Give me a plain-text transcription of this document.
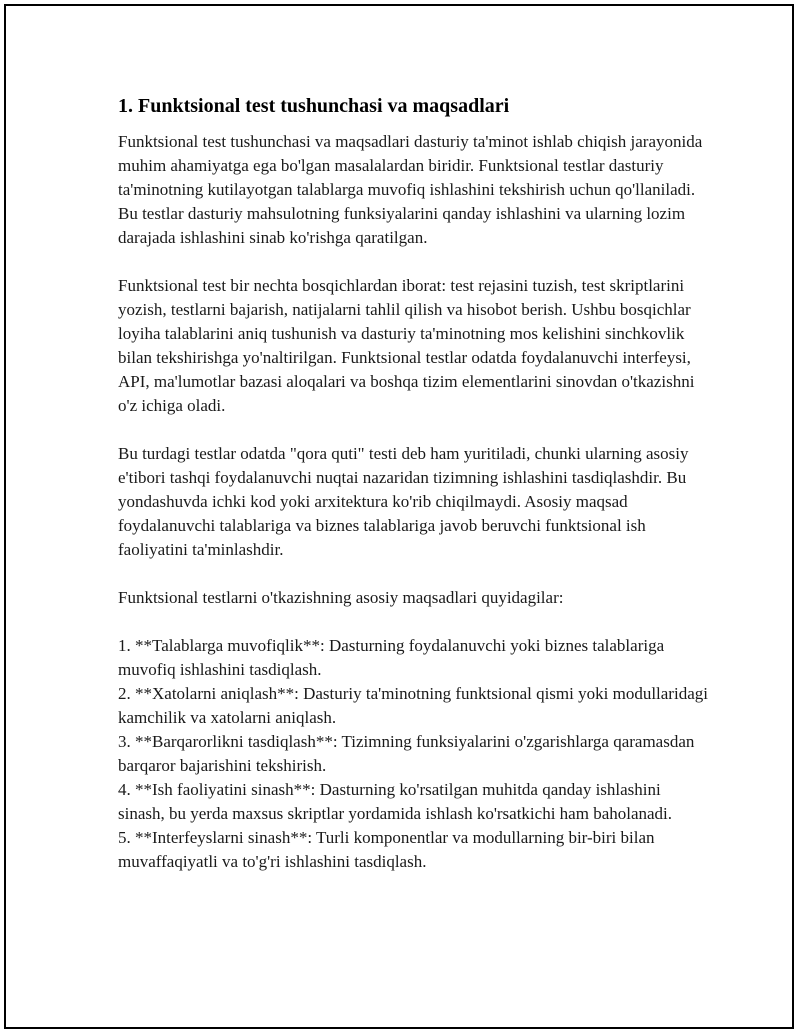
1. Funktsional test tushunchasi va maqsadlari

Funktsional test tushunchasi va maqsadlari dasturiy ta'minot ishlab chiqish jarayonida muhim ahamiyatga ega bo'lgan masalalardan biridir. Funktsional testlar dasturiy ta'minotning kutilayotgan talablarga muvofiq ishlashini tekshirish uchun qo'llaniladi. Bu testlar dasturiy mahsulotning funksiyalarini qanday ishlashini va ularning lozim darajada ishlashini sinab ko'rishga qaratilgan.

Funktsional test bir nechta bosqichlardan iborat: test rejasini tuzish, test skriptlarini yozish, testlarni bajarish, natijalarni tahlil qilish va hisobot berish. Ushbu bosqichlar loyiha talablarini aniq tushunish va dasturiy ta'minotning mos kelishini sinchkovlik bilan tekshirishga yo'naltirilgan. Funktsional testlar odatda foydalanuvchi interfeysi, API, ma'lumotlar bazasi aloqalari va boshqa tizim elementlarini sinovdan o'tkazishni o'z ichiga oladi.

Bu turdagi testlar odatda "qora quti" testi deb ham yuritiladi, chunki ularning asosiy e'tibori tashqi foydalanuvchi nuqtai nazaridan tizimning ishlashini tasdiqlashdir. Bu yondashuvda ichki kod yoki arxitektura ko'rib chiqilmaydi. Asosiy maqsad foydalanuvchi talablariga va biznes talablariga javob beruvchi funktsional ish faoliyatini ta'minlashdir.

Funktsional testlarni o'tkazishning asosiy maqsadlari quyidagilar:

1. **Talablarga muvofiqlik**: Dasturning foydalanuvchi yoki biznes talablariga muvofiq ishlashini tasdiqlash.
2. **Xatolarni aniqlash**: Dasturiy ta'minotning funktsional qismi yoki modullaridagi kamchilik va xatolarni aniqlash.
3. **Barqarorlikni tasdiqlash**: Tizimning funksiyalarini o'zgarishlarga qaramasdan barqaror bajarishini tekshirish.
4. **Ish faoliyatini sinash**: Dasturning ko'rsatilgan muhitda qanday ishlashini sinash, bu yerda maxsus skriptlar yordamida ishlash ko'rsatkichi ham baholanadi.
5. **Interfeyslarni sinash**: Turli komponentlar va modullarning bir-biri bilan muvaffaqiyatli va to'g'ri ishlashini tasdiqlash.
